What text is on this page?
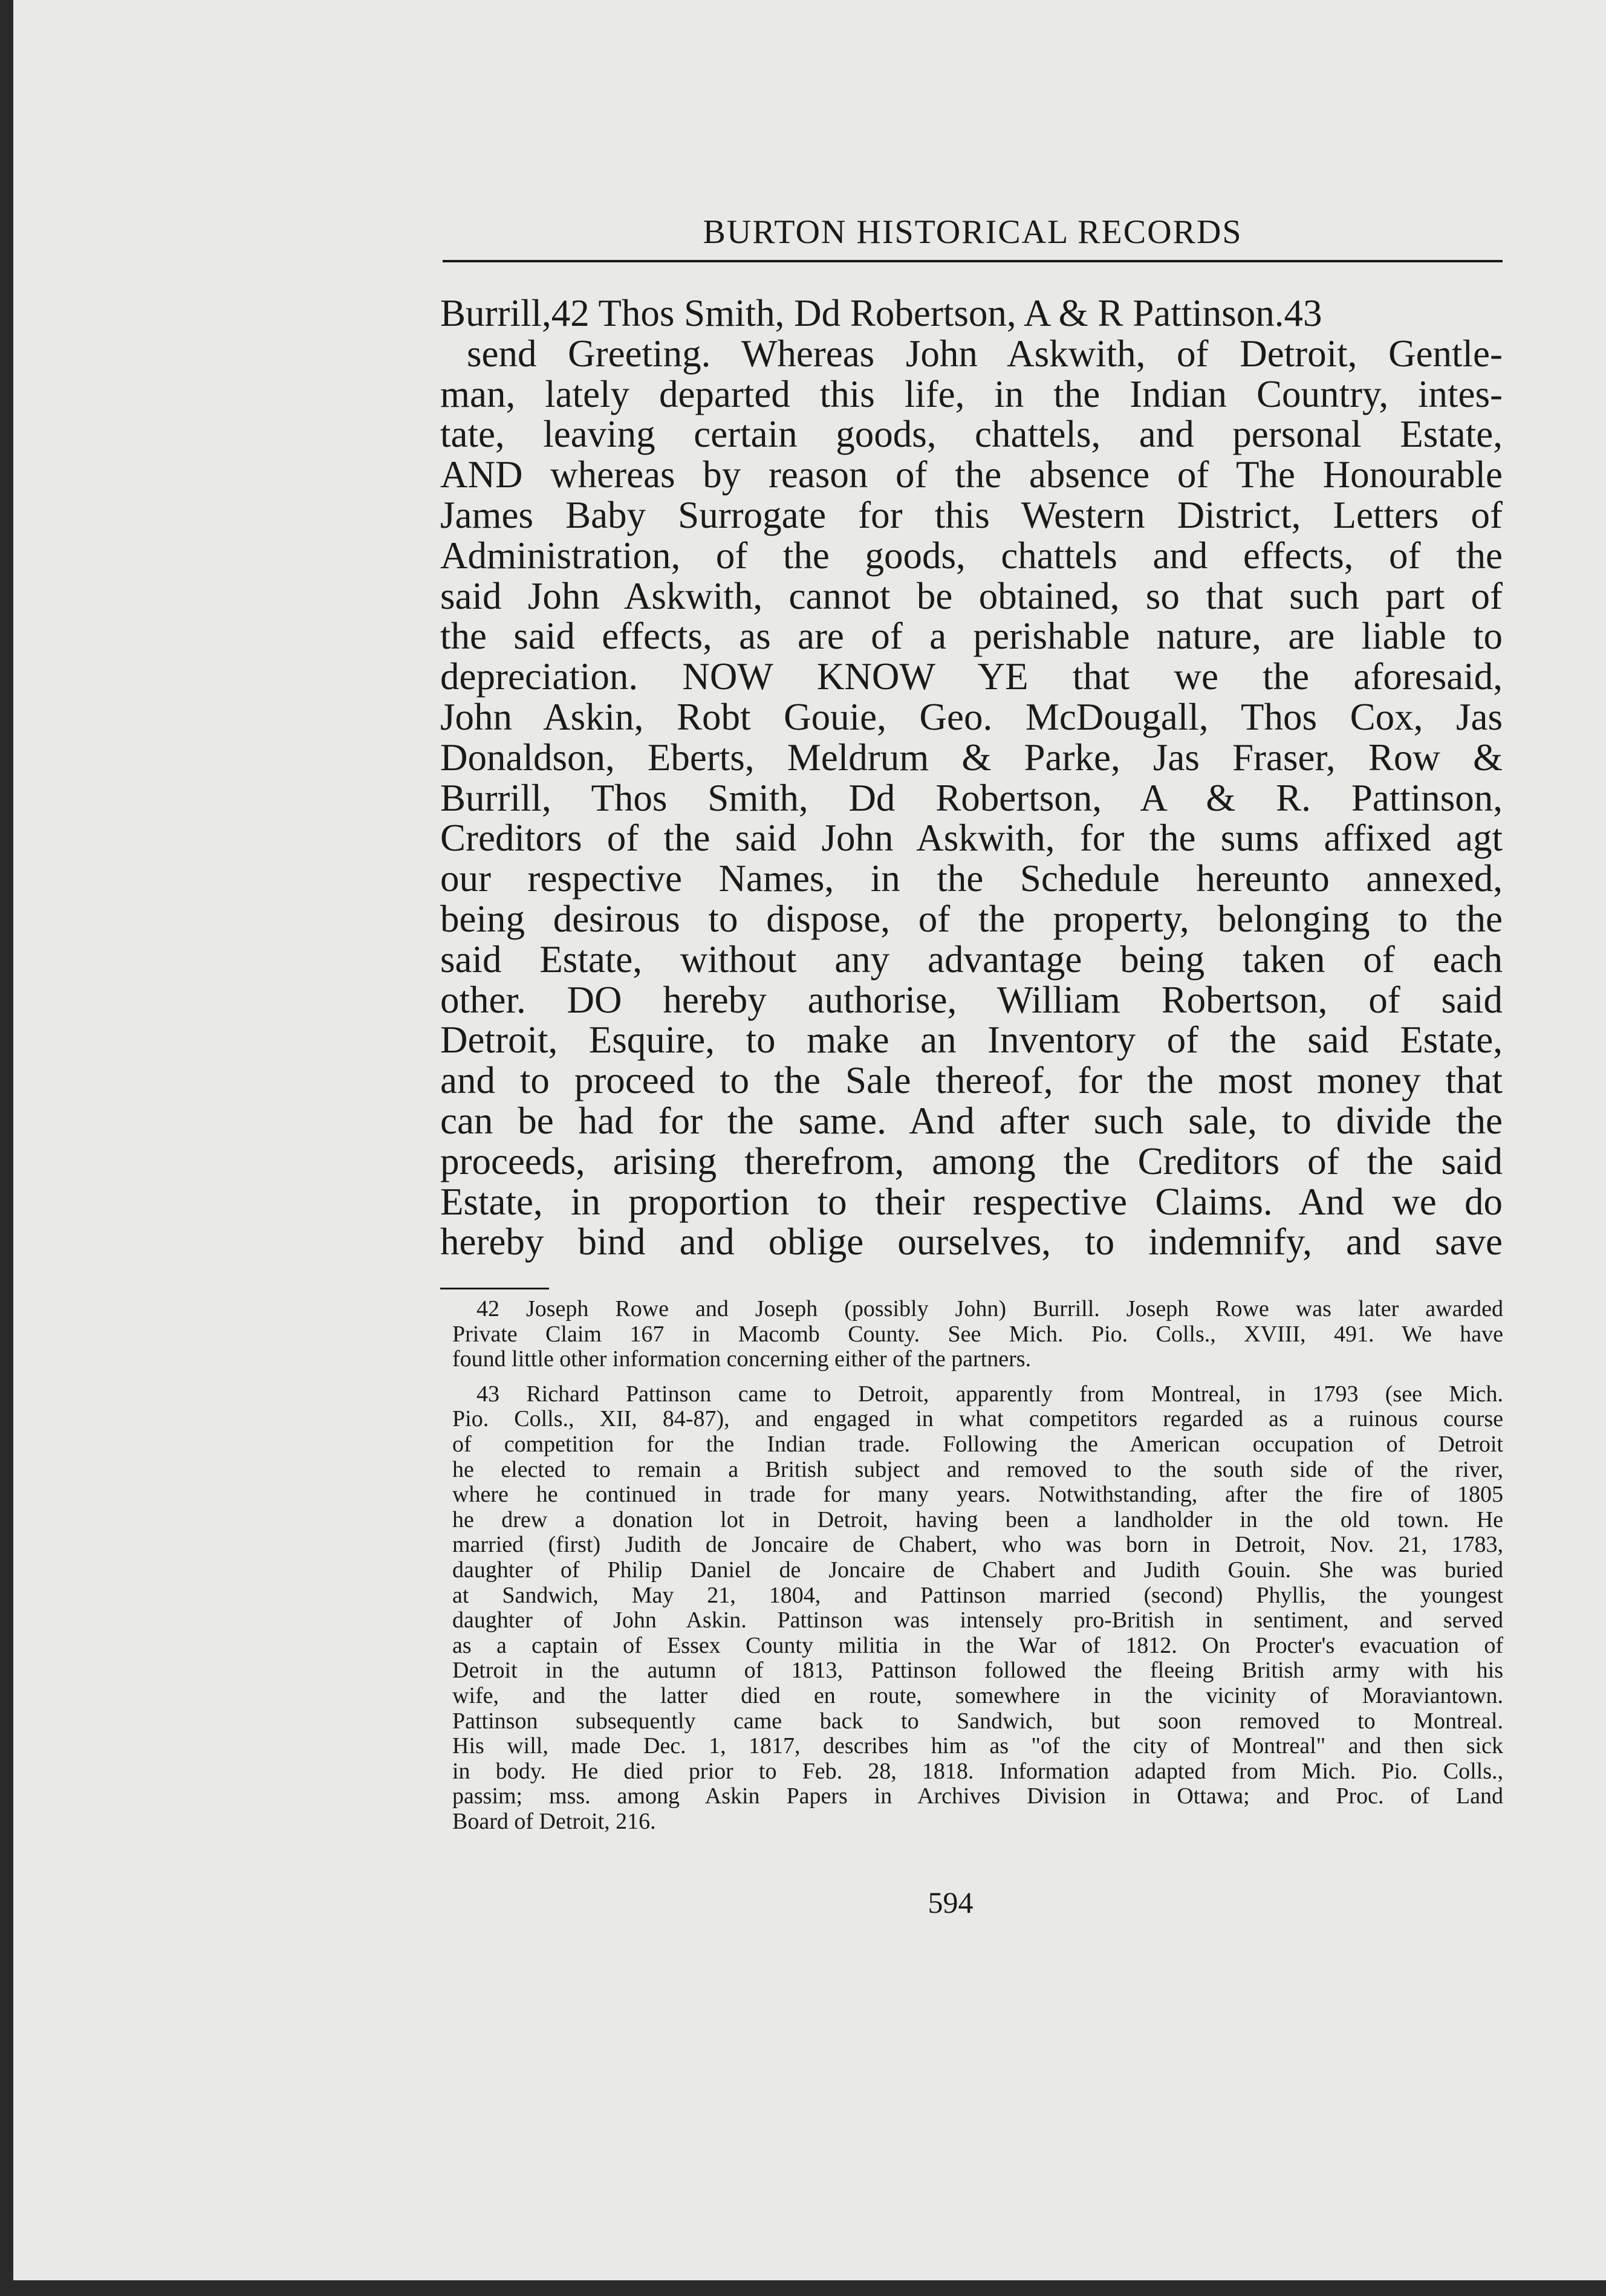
BURTON HISTORICAL RECORDS
Burrill,42 Thos Smith, Dd Robertson, A & R Pattinson.43
send Greeting. Whereas John Askwith, of Detroit, Gentle-
man, lately departed this life, in the Indian Country, intes-
tate, leaving certain goods, chattels, and personal Estate,
AND whereas by reason of the absence of The Honourable
James Baby Surrogate for this Western District, Letters of
Administration, of the goods, chattels and effects, of the
said John Askwith, cannot be obtained, so that such part of
the said effects, as are of a perishable nature, are liable to
depreciation. NOW KNOW YE that we the aforesaid,
John Askin, Robt Gouie, Geo. McDougall, Thos Cox, Jas
Donaldson, Eberts, Meldrum & Parke, Jas Fraser, Row &
Burrill, Thos Smith, Dd Robertson, A & R. Pattinson,
Creditors of the said John Askwith, for the sums affixed agt
our respective Names, in the Schedule hereunto annexed,
being desirous to dispose, of the property, belonging to the
said Estate, without any advantage being taken of each
other. DO hereby authorise, William Robertson, of said
Detroit, Esquire, to make an Inventory of the said Estate,
and to proceed to the Sale thereof, for the most money that
can be had for the same. And after such sale, to divide the
proceeds, arising therefrom, among the Creditors of the said
Estate, in proportion to their respective Claims. And we do
hereby bind and oblige ourselves, to indemnify, and save
42 Joseph Rowe and Joseph (possibly John) Burrill. Joseph Rowe was later awarded
Private Claim 167 in Macomb County. See Mich. Pio. Colls., XVIII, 491. We have
found little other information concerning either of the partners.
43 Richard Pattinson came to Detroit, apparently from Montreal, in 1793 (see Mich.
Pio. Colls., XII, 84-87), and engaged in what competitors regarded as a ruinous course
of competition for the Indian trade. Following the American occupation of Detroit
he elected to remain a British subject and removed to the south side of the river,
where he continued in trade for many years. Notwithstanding, after the fire of 1805
he drew a donation lot in Detroit, having been a landholder in the old town. He
married (first) Judith de Joncaire de Chabert, who was born in Detroit, Nov. 21, 1783,
daughter of Philip Daniel de Joncaire de Chabert and Judith Gouin. She was buried
at Sandwich, May 21, 1804, and Pattinson married (second) Phyllis, the youngest
daughter of John Askin. Pattinson was intensely pro-British in sentiment, and served
as a captain of Essex County militia in the War of 1812. On Procter's evacuation of
Detroit in the autumn of 1813, Pattinson followed the fleeing British army with his
wife, and the latter died en route, somewhere in the vicinity of Moraviantown.
Pattinson subsequently came back to Sandwich, but soon removed to Montreal.
His will, made Dec. 1, 1817, describes him as "of the city of Montreal" and then sick
in body. He died prior to Feb. 28, 1818. Information adapted from Mich. Pio. Colls.,
passim; mss. among Askin Papers in Archives Division in Ottawa; and Proc. of Land
Board of Detroit, 216.
594
